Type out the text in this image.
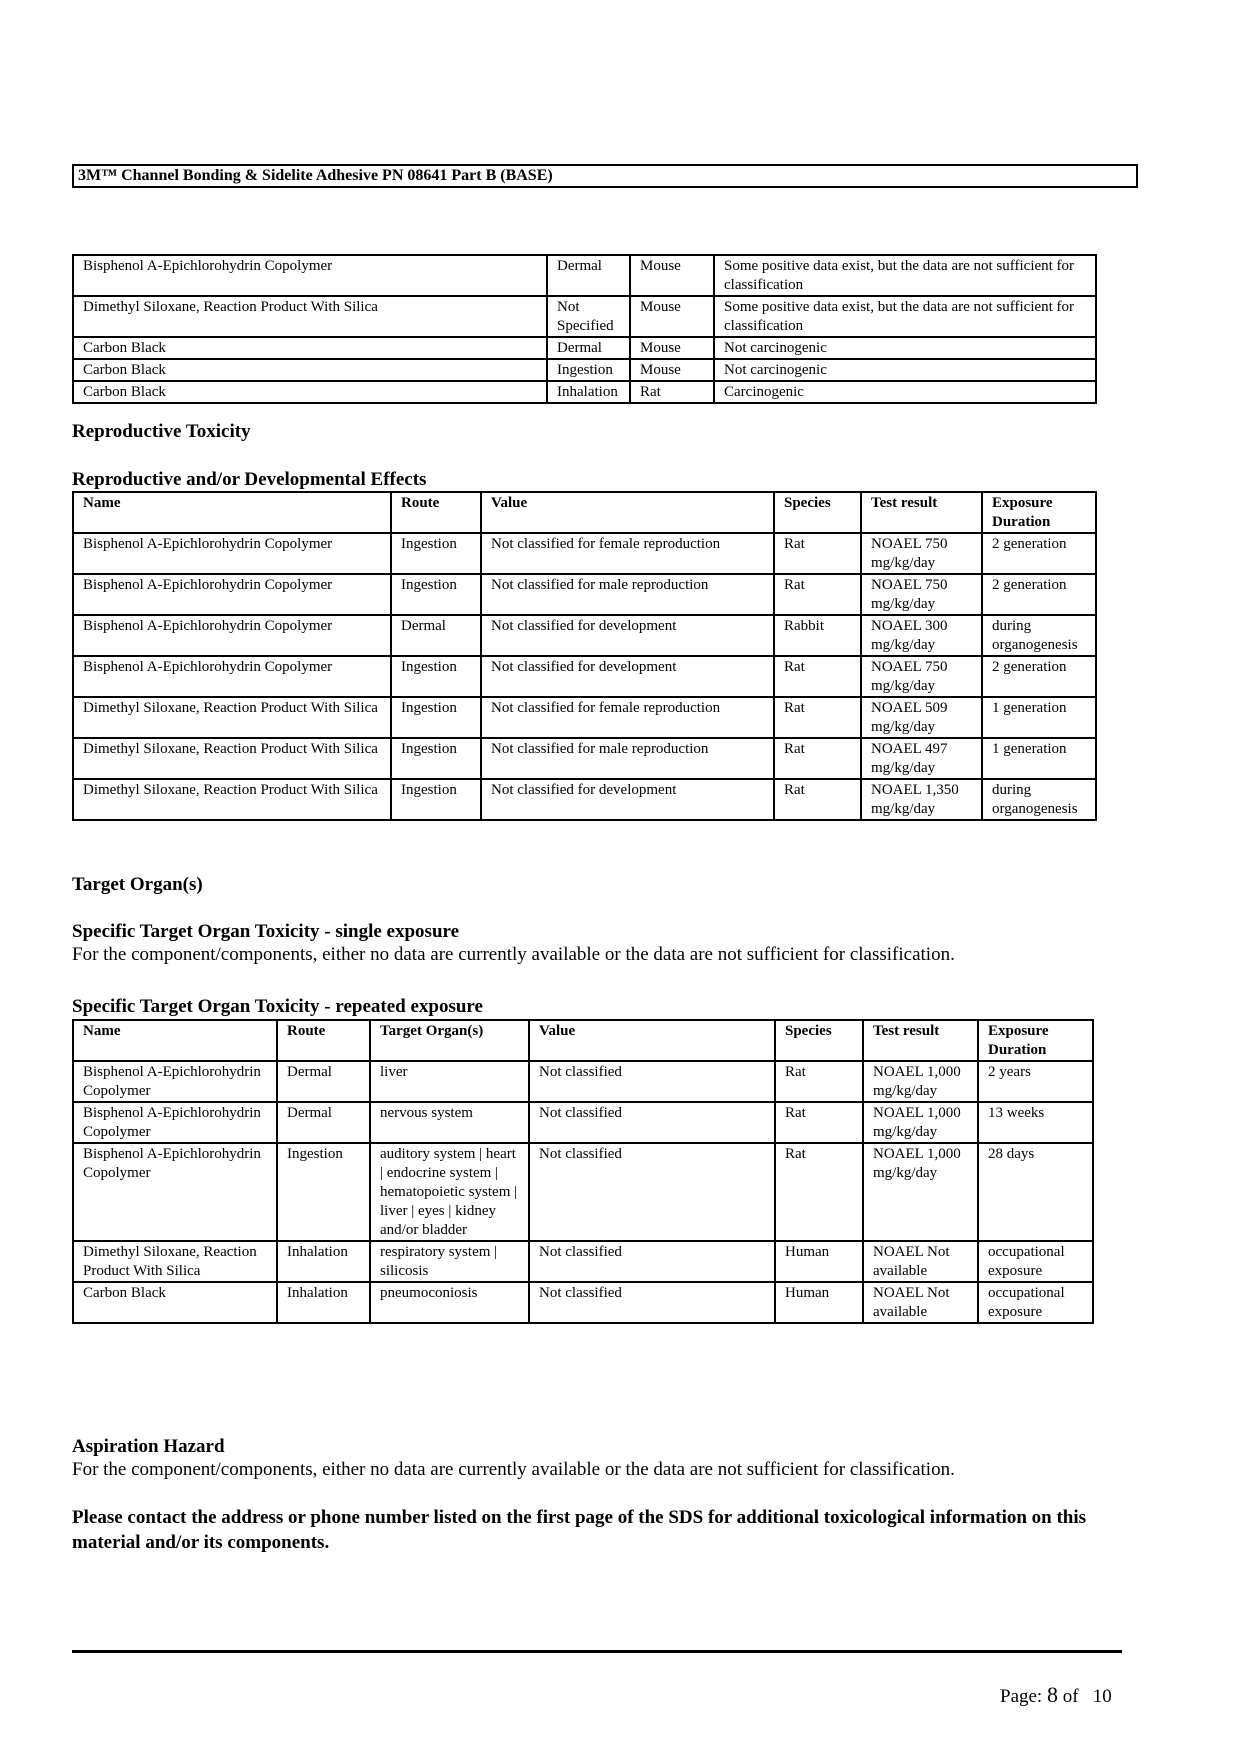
3M™ Channel Bonding & Sidelite Adhesive PN 08641 Part B (BASE)
Bisphenol A-Epichlorohydrin Copolymer	Dermal	Mouse	Some positive data exist, but the data are not sufficient for classification
Dimethyl Siloxane, Reaction Product With Silica	Not Specified	Mouse	Some positive data exist, but the data are not sufficient for classification
Carbon Black	Dermal	Mouse	Not carcinogenic
Carbon Black	Ingestion	Mouse	Not carcinogenic
Carbon Black	Inhalation	Rat	Carcinogenic
Reproductive Toxicity
Reproductive and/or Developmental Effects
Name	Route	Value	Species	Test result	Exposure Duration
Bisphenol A-Epichlorohydrin Copolymer	Ingestion	Not classified for female reproduction	Rat	NOAEL 750 mg/kg/day	2 generation
Bisphenol A-Epichlorohydrin Copolymer	Ingestion	Not classified for male reproduction	Rat	NOAEL 750 mg/kg/day	2 generation
Bisphenol A-Epichlorohydrin Copolymer	Dermal	Not classified for development	Rabbit	NOAEL 300 mg/kg/day	during organogenesis
Bisphenol A-Epichlorohydrin Copolymer	Ingestion	Not classified for development	Rat	NOAEL 750 mg/kg/day	2 generation
Dimethyl Siloxane, Reaction Product With Silica	Ingestion	Not classified for female reproduction	Rat	NOAEL 509 mg/kg/day	1 generation
Dimethyl Siloxane, Reaction Product With Silica	Ingestion	Not classified for male reproduction	Rat	NOAEL 497 mg/kg/day	1 generation
Dimethyl Siloxane, Reaction Product With Silica	Ingestion	Not classified for development	Rat	NOAEL 1,350 mg/kg/day	during organogenesis
Target Organ(s)
Specific Target Organ Toxicity - single exposure
For the component/components, either no data are currently available or the data are not sufficient for classification.
Specific Target Organ Toxicity - repeated exposure
Name	Route	Target Organ(s)	Value	Species	Test result	Exposure Duration
Bisphenol A-Epichlorohydrin Copolymer	Dermal	liver	Not classified	Rat	NOAEL 1,000 mg/kg/day	2 years
Bisphenol A-Epichlorohydrin Copolymer	Dermal	nervous system	Not classified	Rat	NOAEL 1,000 mg/kg/day	13 weeks
Bisphenol A-Epichlorohydrin Copolymer	Ingestion	auditory system | heart | endocrine system | hematopoietic system | liver | eyes | kidney and/or bladder	Not classified	Rat	NOAEL 1,000 mg/kg/day	28 days
Dimethyl Siloxane, Reaction Product With Silica	Inhalation	respiratory system | silicosis	Not classified	Human	NOAEL Not available	occupational exposure
Carbon Black	Inhalation	pneumoconiosis	Not classified	Human	NOAEL Not available	occupational exposure
Aspiration Hazard
For the component/components, either no data are currently available or the data are not sufficient for classification.
Please contact the address or phone number listed on the first page of the SDS for additional toxicological information on this material and/or its components.
Page: 8 of 10
